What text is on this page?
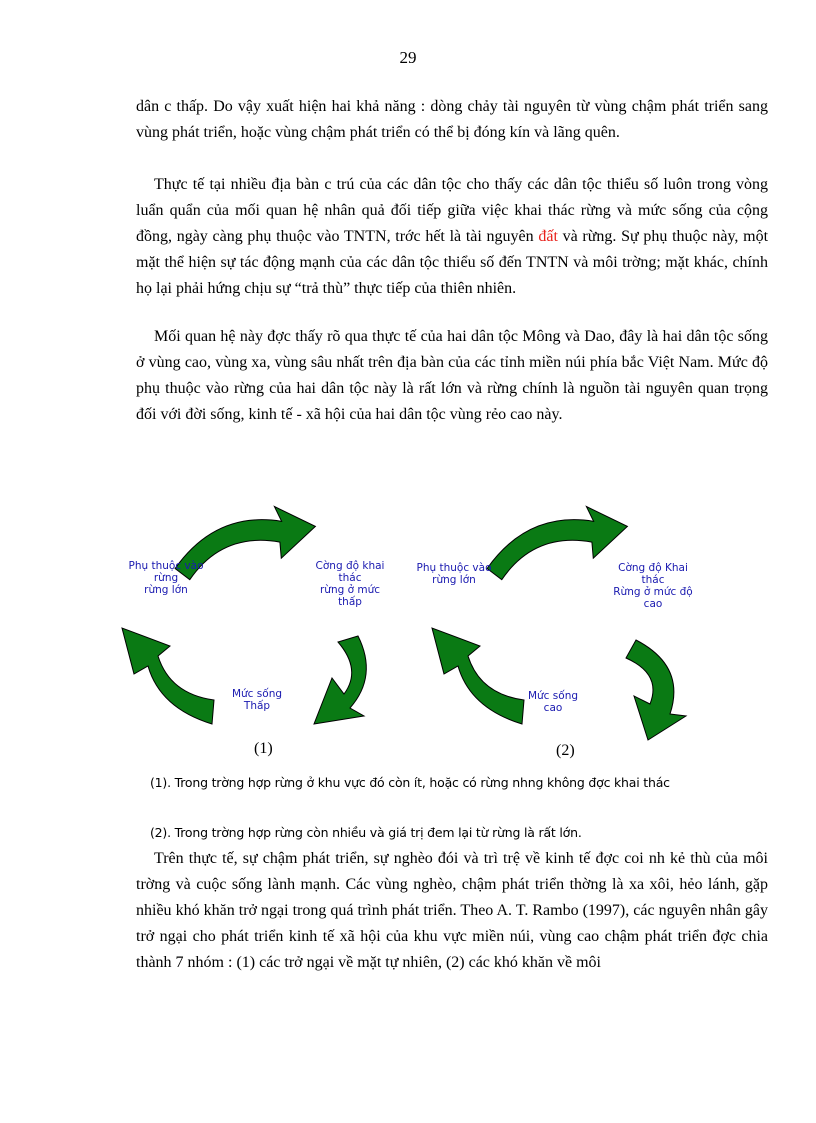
29

dân c thấp. Do vậy xuất hiện hai khả năng : dòng chảy tài nguyên từ vùng chậm phát triển sang vùng phát triển, hoặc vùng chậm phát triển có thể bị đóng kín và lãng quên.

Thực tế tại nhiều địa bàn c trú của các dân tộc cho thấy các dân tộc thiểu số luôn trong vòng luẩn quẩn của mối quan hệ nhân quả đối tiếp giữa việc khai thác rừng và mức sống của cộng đồng, ngày càng phụ thuộc vào TNTN, trớc hết là tài nguyên đất và rừng. Sự phụ thuộc này, một mặt thể hiện sự tác động mạnh của các dân tộc thiểu số đến TNTN và môi trờng; mặt khác, chính họ lại phải hứng chịu sự “trả thù” thực tiếp của thiên nhiên.

Mối quan hệ này đợc thấy rõ qua thực tế của hai dân tộc Mông và Dao, đây là hai dân tộc sống ở vùng cao, vùng xa, vùng sâu nhất trên địa bàn của các tỉnh miền núi phía bắc Việt Nam. Mức độ phụ thuộc vào rừng của hai dân tộc này là rất lớn và rừng chính là nguồn tài nguyên quan trọng đối với đời sống, kinh tế - xã hội của hai dân tộc vùng rẻo cao này.

Phụ thuộc vào
rừng
rừng lớn
Cờng độ khai
thác
rừng ở mức
thấp
Mức sống
Thấp
Phụ thuộc vào
rừng lớn
Cờng độ Khai
thác
Rừng ở mức độ
cao
Mức sống
cao
(1)	(2)

(1). Trong trờng hợp rừng ở khu vực đó còn ít, hoặc có rừng nhng không đợc khai thác

(2). Trong trờng hợp rừng còn nhiều và giá trị đem lại từ rừng là rất lớn.

Trên thực tế, sự chậm phát triển, sự nghèo đói và trì trệ về kinh tế đợc coi nh kẻ thù của môi trờng và cuộc sống lành mạnh. Các vùng nghèo, chậm phát triển thờng là xa xôi, hẻo lánh, gặp nhiều khó khăn trở ngại trong quá trình phát triển. Theo A. T. Rambo (1997), các nguyên nhân gây trở ngại cho phát triển kinh tế xã hội của khu vực miền núi, vùng cao chậm phát triển đợc chia thành 7 nhóm : (1) các trở ngại về mặt tự nhiên, (2) các khó khăn về môi
